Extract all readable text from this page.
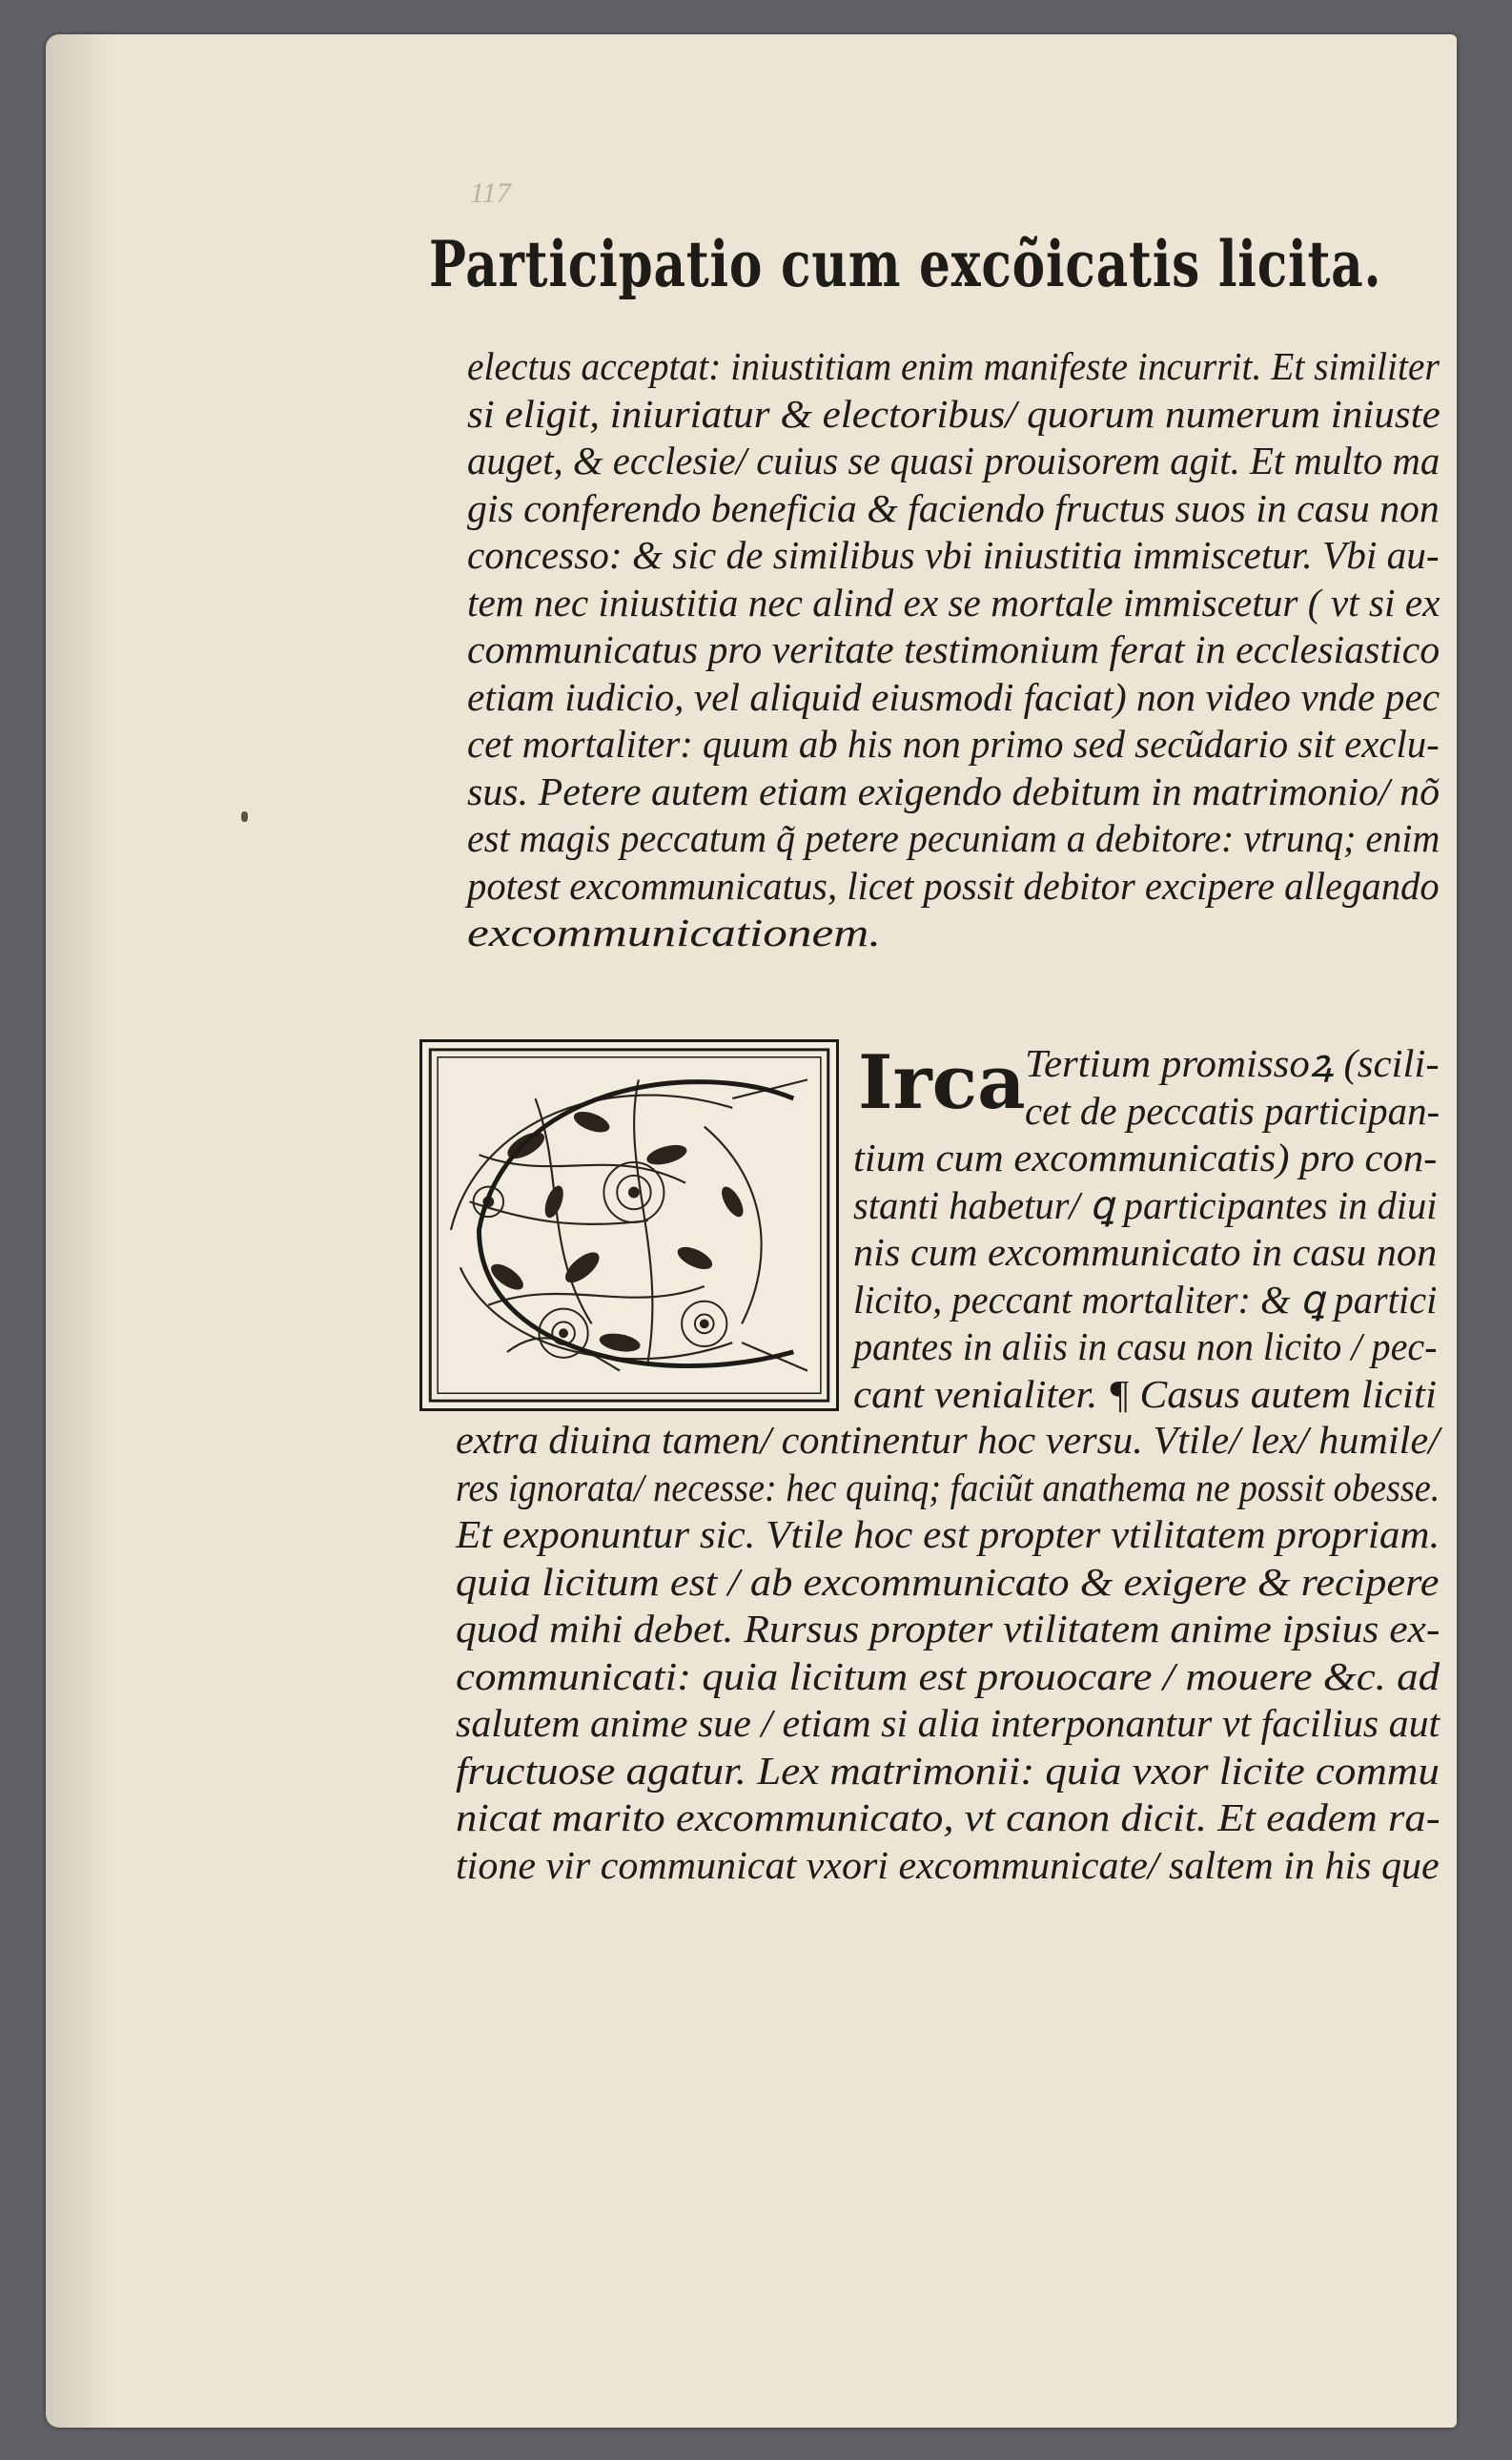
117
Participatio cum excõicatis licita.
electus acceptat: iniustitiam enim manifeste incurrit. Et similiter
si eligit, iniuriatur & electoribus/ quorum numerum iniuste
auget, & ecclesie/ cuius se quasi prouisorem agit. Et multo ma
gis conferendo beneficia & faciendo fructus suos in casu non
concesso: & sic de similibus vbi iniustitia immiscetur. Vbi au-
tem nec iniustitia nec alind ex se mortale immiscetur ( vt si ex
communicatus pro veritate testimonium ferat in ecclesiastico
etiam iudicio, vel aliquid eiusmodi faciat) non video vnde pec
cet mortaliter: quum ab his non primo sed secũdario sit exclu-
sus. Petere autem etiam exigendo debitum in matrimonio/ nõ
est magis peccatum q̃ petere pecuniam a debitore: vtrunq; enim
potest excommunicatus, licet possit debitor excipere allegando
excommunicationem.
Irca Tertium promissoꝝ (scili-
cet de peccatis participan-
tium cum excommunicatis) pro con-
stanti habetur/ ꝗ participantes in diui
nis cum excommunicato in casu non
licito, peccant mortaliter: & ꝗ partici
pantes in aliis in casu non licito / pec-
cant venialiter. ¶ Casus autem liciti
extra diuina tamen/ continentur hoc versu. Vtile/ lex/ humile/
res ignorata/ necesse: hec quinq; faciũt anathema ne possit obesse.
Et exponuntur sic. Vtile hoc est propter vtilitatem propriam.
quia licitum est / ab excommunicato & exigere & recipere
quod mihi debet. Rursus propter vtilitatem anime ipsius ex-
communicati: quia licitum est prouocare / mouere &c. ad
salutem anime sue / etiam si alia interponantur vt facilius aut
fructuose agatur. Lex matrimonii: quia vxor licite commu
nicat marito excommunicato, vt canon dicit. Et eadem ra-
tione vir communicat vxori excommunicate/ saltem in his que
